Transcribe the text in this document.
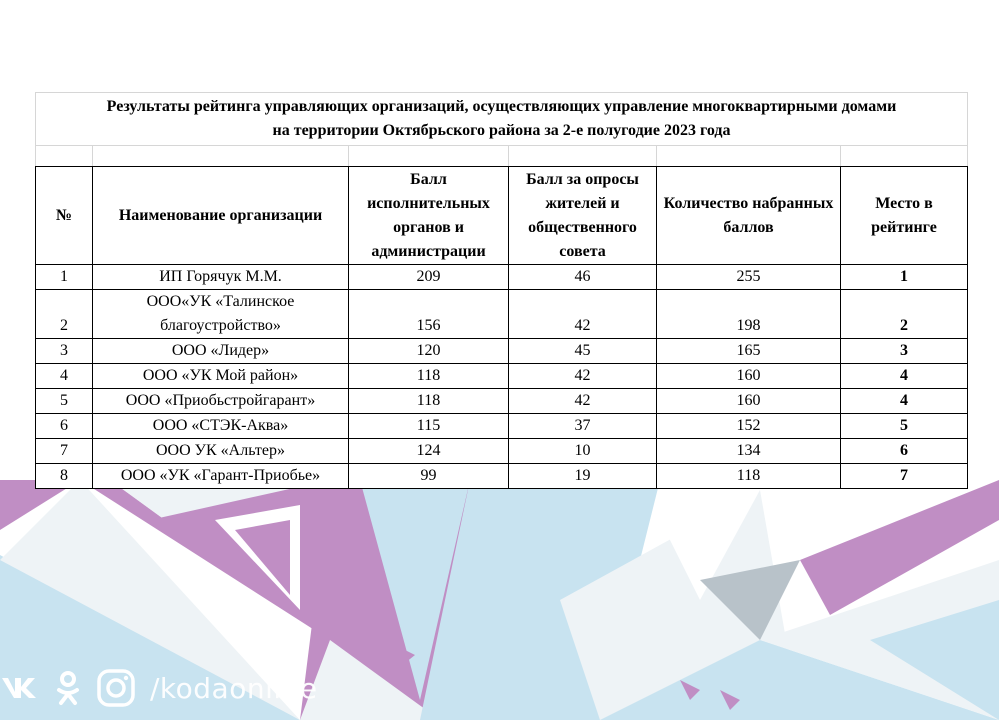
Результаты рейтинга управляющих организаций, осуществляющих управление многоквартирными домами
на территории Октябрьского района за 2-е полугодие 2023 года					

№	Наименование организации	Балл исполнительных органов и администрации	Балл за опросы жителей и общественного совета	Количество набранных баллов	Место в рейтинге
1	ИП Горячук М.М.	209	46	255	1
2	ООО«УК «Талинское благоустройство»	156	42	198	2
3	ООО «Лидер»	120	45	165	3
4	ООО «УК Мой район»	118	42	160	4
5	ООО «Приобьстройгарант»	118	42	160	4
6	ООО «СТЭК-Аква»	115	37	152	5
7	ООО УК «Альтер»	124	10	134	6
8	ООО «УК «Гарант-Приобье»	99	19	118	7
/kodaonline
